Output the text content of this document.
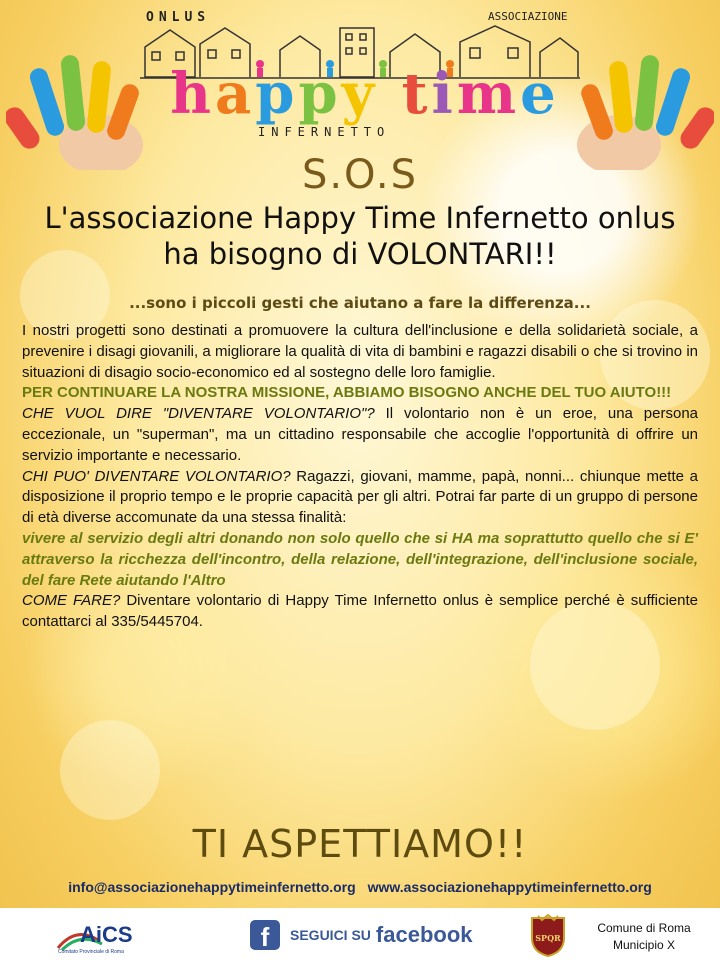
ONLUS	ASSOCIAZIONE
happy time
INFERNETTO
S.O.S
L'associazione Happy Time Infernetto onlus
ha bisogno di VOLONTARI!!
...sono i piccoli gesti che aiutano a fare la differenza...

I nostri progetti sono destinati a promuovere la cultura dell'inclusione e della solidarietà sociale, a prevenire i disagi giovanili, a migliorare la qualità di vita di bambini e ragazzi disabili o che si trovino in situazioni di disagio socio-economico ed al sostegno delle loro famiglie.

PER CONTINUARE LA NOSTRA MISSIONE, ABBIAMO BISOGNO ANCHE DEL TUO AIUTO!!!

CHE VUOL DIRE "DIVENTARE VOLONTARIO"? Il volontario non è un eroe, una persona eccezionale, un "superman", ma un cittadino responsabile che accoglie l'opportunità di offrire un servizio importante e necessario.

CHI PUO' DIVENTARE VOLONTARIO? Ragazzi, giovani, mamme, papà, nonni... chiunque mette a disposizione il proprio tempo e le proprie capacità per gli altri. Potrai far parte di un gruppo di persone di età diverse accomunate da una stessa finalità:

vivere al servizio degli altri donando non solo quello che si HA ma soprattutto quello che si E' attraverso la ricchezza dell'incontro, della relazione, dell'integrazione, dell'inclusione sociale, del fare Rete aiutando l'Altro

COME FARE? Diventare volontario di Happy Time Infernetto onlus è semplice perché è sufficiente contattarci al 335/5445704.

TI ASPETTIAMO!!
info@associazionehappytimeinfernetto.org www.associazionehappytimeinfernetto.org
AiCS
Comitato Provinciale di Roma	f	SEGUICI SU facebook	SPQR
Comune di Roma
Municipio X
